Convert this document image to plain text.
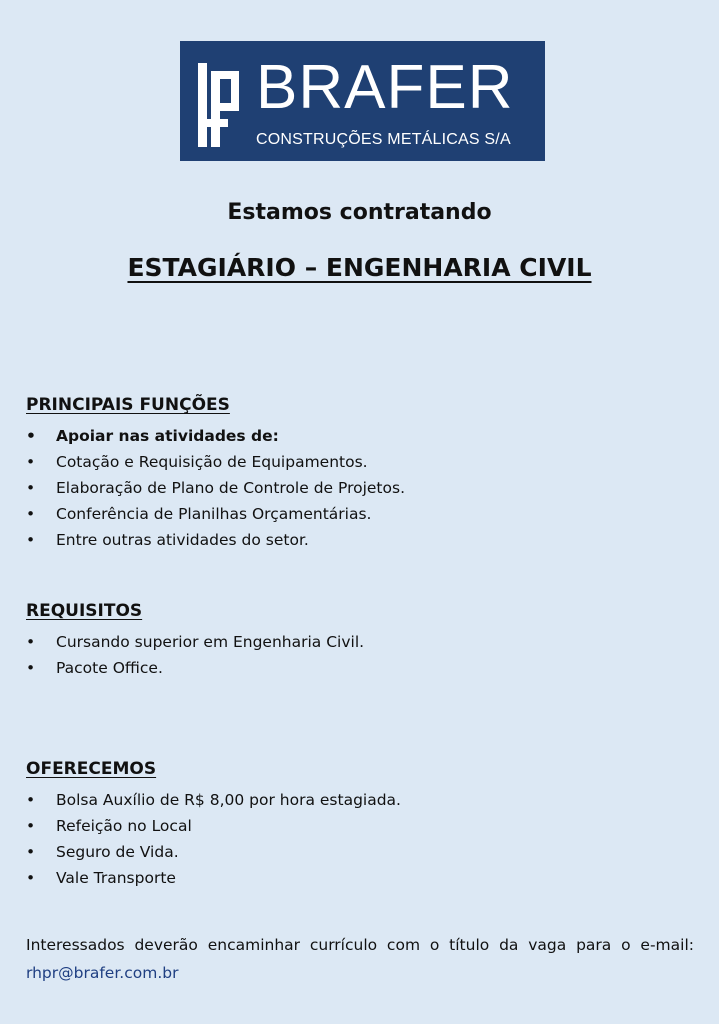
BRAFER
CONSTRUÇÕES METÁLICAS S/A
Estamos contratando
ESTAGIÁRIO – ENGENHARIA CIVIL
PRINCIPAIS FUNÇÕES
• Apoiar nas atividades de:
• Cotação e Requisição de Equipamentos.
• Elaboração de Plano de Controle de Projetos.
• Conferência de Planilhas Orçamentárias.
• Entre outras atividades do setor.
REQUISITOS
• Cursando superior em Engenharia Civil.
• Pacote Office.
OFERECEMOS
• Bolsa Auxílio de R$ 8,00 por hora estagiada.
• Refeição no Local
• Seguro de Vida.
• Vale Transporte
Interessados deverão encaminhar currículo com o título da vaga para o e-mail: rhpr@brafer.com.br
